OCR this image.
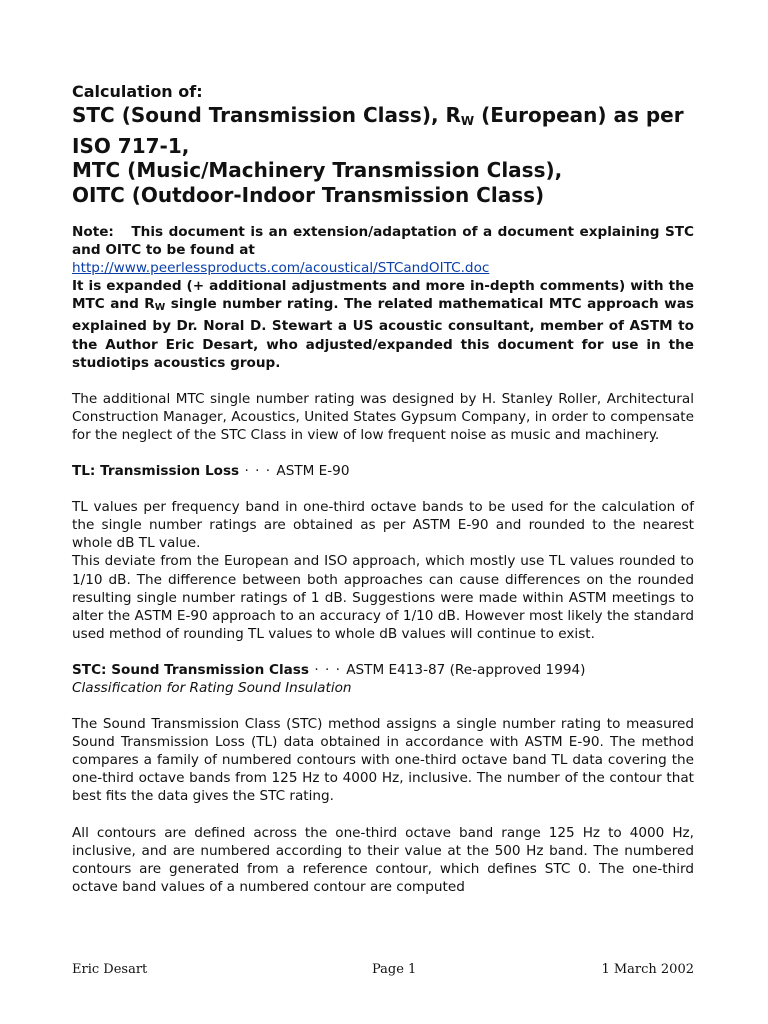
Calculation of:

STC (Sound Transmission Class), $R_W$ (European) as per
ISO 717-1,
MTC (Music/Machinery Transmission Class),
OITC (Outdoor-Indoor Transmission Class)

Note: This document is an extension/adaptation of a document explaining STC and OITC to be found at

http://www.peerlessproducts.com/acoustical/STCandOITC.doc

It is expanded (+ additional adjustments and more in-depth comments) with the MTC and RW single number rating. The related mathematical MTC approach was explained by Dr. Noral D. Stewart a US acoustic consultant, member of ASTM to the Author Eric Desart, who adjusted/expanded this document for use in the studiotips acoustics group.

The additional MTC single number rating was designed by H. Stanley Roller, Architectural Construction Manager, Acoustics, United States Gypsum Company, in order to compensate for the neglect of the STC Class in view of low frequent noise as music and machinery.

TL: Transmission Loss · · · ASTM E-90

TL values per frequency band in one-third octave bands to be used for the calculation of the single number ratings are obtained as per ASTM E-90 and rounded to the nearest whole dB TL value.

This deviate from the European and ISO approach, which mostly use TL values rounded to 1/10 dB. The difference between both approaches can cause differences on the rounded resulting single number ratings of 1 dB. Suggestions were made within ASTM meetings to alter the ASTM E-90 approach to an accuracy of 1/10 dB. However most likely the standard used method of rounding TL values to whole dB values will continue to exist.

STC: Sound Transmission Class · · · ASTM E413-87 (Re-approved 1994)

Classification for Rating Sound Insulation

The Sound Transmission Class (STC) method assigns a single number rating to measured Sound Transmission Loss (TL) data obtained in accordance with ASTM E-90. The method compares a family of numbered contours with one-third octave band TL data covering the one-third octave bands from 125 Hz to 4000 Hz, inclusive. The number of the contour that best fits the data gives the STC rating.

All contours are defined across the one-third octave band range 125 Hz to 4000 Hz, inclusive, and are numbered according to their value at the 500 Hz band. The numbered contours are generated from a reference contour, which defines STC 0. The one-third octave band values of a numbered contour are computed

Eric Desart	Page 1	1 March 2002
